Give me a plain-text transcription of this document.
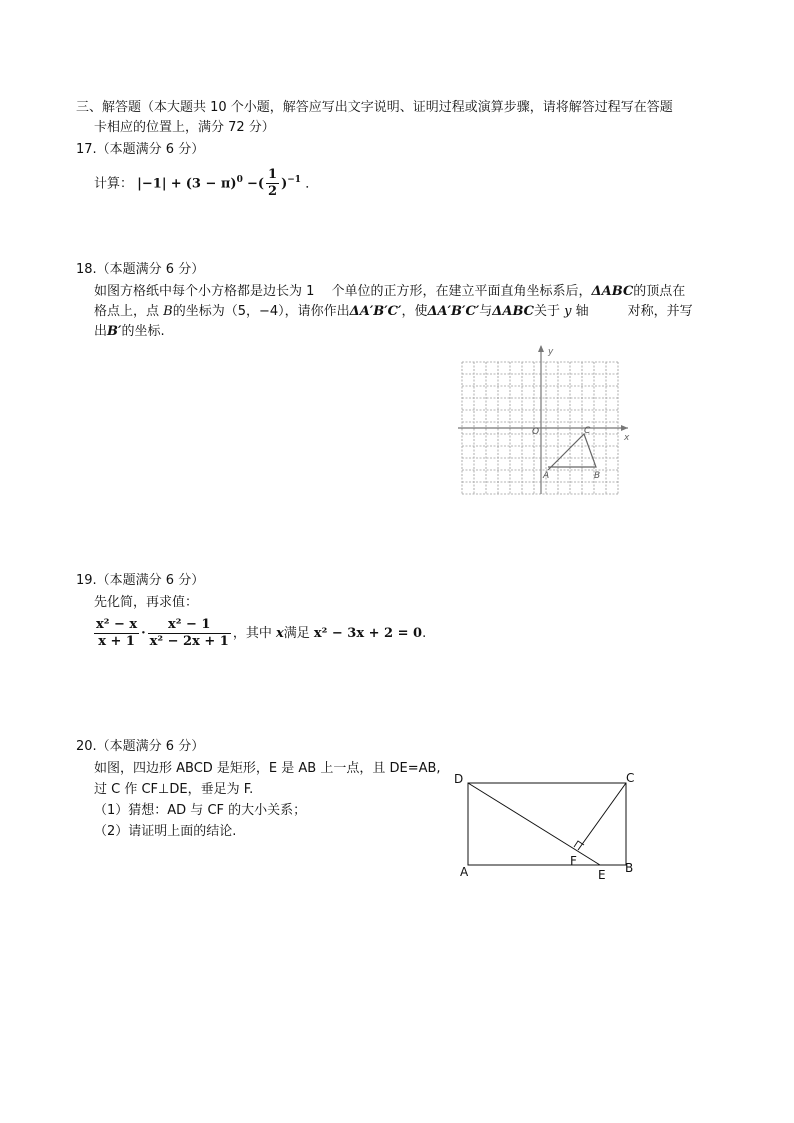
三、解答题（本大题共 10 个小题，解答应写出文字说明、证明过程或演算步骤，请将解答过程写在答题
卡相应的位置上，满分 72 分）
17.（本题满分 6 分）
计算： $|-1| + (3 - \pi)^0$ −( $\frac{1}{2} )^{-1}$ ．
18.（本题满分 6 分）
如图方格纸中每个小方格都是边长为 1　 个单位的正方形，在建立平面直角坐标系后，ΔABC的顶点在
格点上，点 B的坐标为（5，−4），请你作出ΔA′B′C′，使ΔA′B′C′与ΔABC关于 y 轴　　　对称，并写
出B′的坐标.
y
x
O
A	B
C
19.（本题满分 6 分）
先化简，再求值：
$\frac{\text{x² − x}}{x + 1} \cdot \frac{\text{x² − 1}}{\text{x² − 2x + 1}}$ ，其中 x满足 x² − 3x + 2 = 0.
20.（本题满分 6 分）
如图，四边形 ABCD 是矩形，E 是 AB 上一点，且 DE=AB,
过 C 作 CF⊥DE，垂足为 F.
（1）猜想：AD 与 CF 的大小关系；
（2）请证明上面的结论.
D	C
A	B
F
E
